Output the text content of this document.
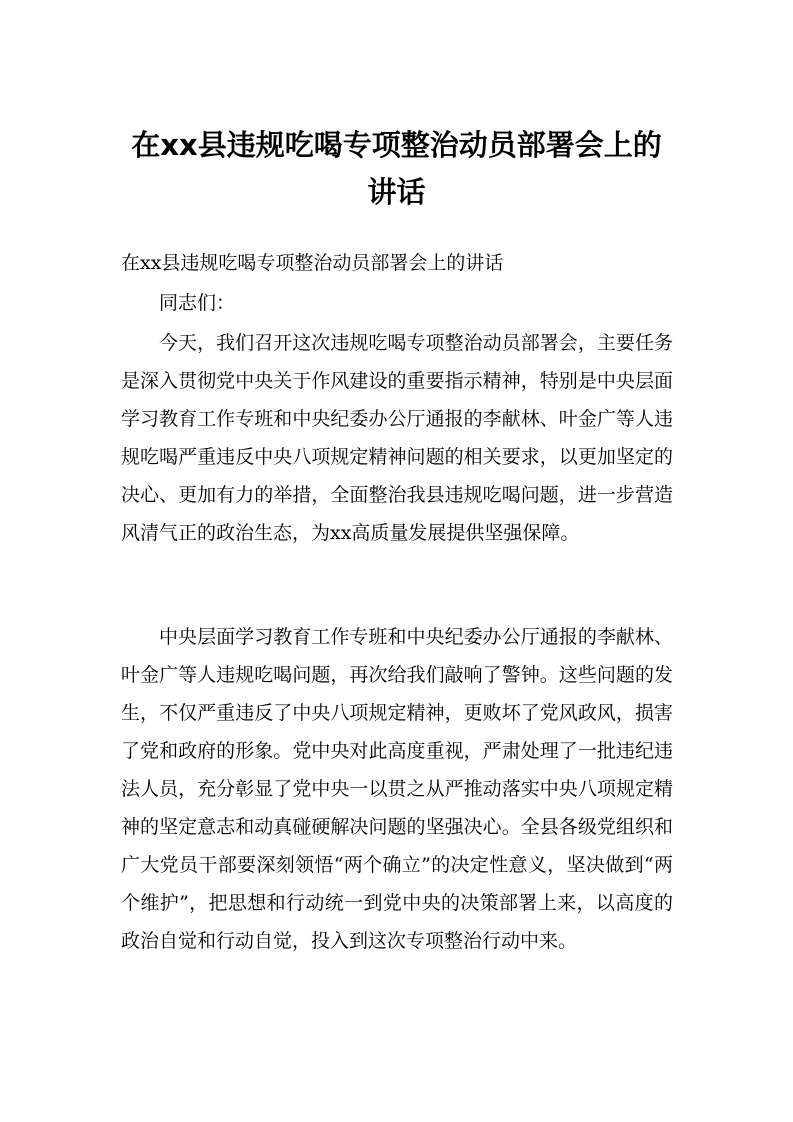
在xx县违规吃喝专项整治动员部署会上的
讲话

在xx县违规吃喝专项整治动员部署会上的讲话

同志们：

今天，我们召开这次违规吃喝专项整治动员部署会，主要任务是深入贯彻党中央关于作风建设的重要指示精神，特别是中央层面学习教育工作专班和中央纪委办公厅通报的李献林、叶金广等人违规吃喝严重违反中央八项规定精神问题的相关要求，以更加坚定的决心、更加有力的举措，全面整治我县违规吃喝问题，进一步营造风清气正的政治生态，为xx高质量发展提供坚强保障。

中央层面学习教育工作专班和中央纪委办公厅通报的李献林、叶金广等人违规吃喝问题，再次给我们敲响了警钟。这些问题的发生，不仅严重违反了中央八项规定精神，更败坏了党风政风，损害了党和政府的形象。党中央对此高度重视，严肃处理了一批违纪违法人员，充分彰显了党中央一以贯之从严推动落实中央八项规定精神的坚定意志和动真碰硬解决问题的坚强决心。全县各级党组织和广大党员干部要深刻领悟“两个确立”的决定性意义，坚决做到“两个维护”，把思想和行动统一到党中央的决策部署上来，以高度的政治自觉和行动自觉，投入到这次专项整治行动中来。
